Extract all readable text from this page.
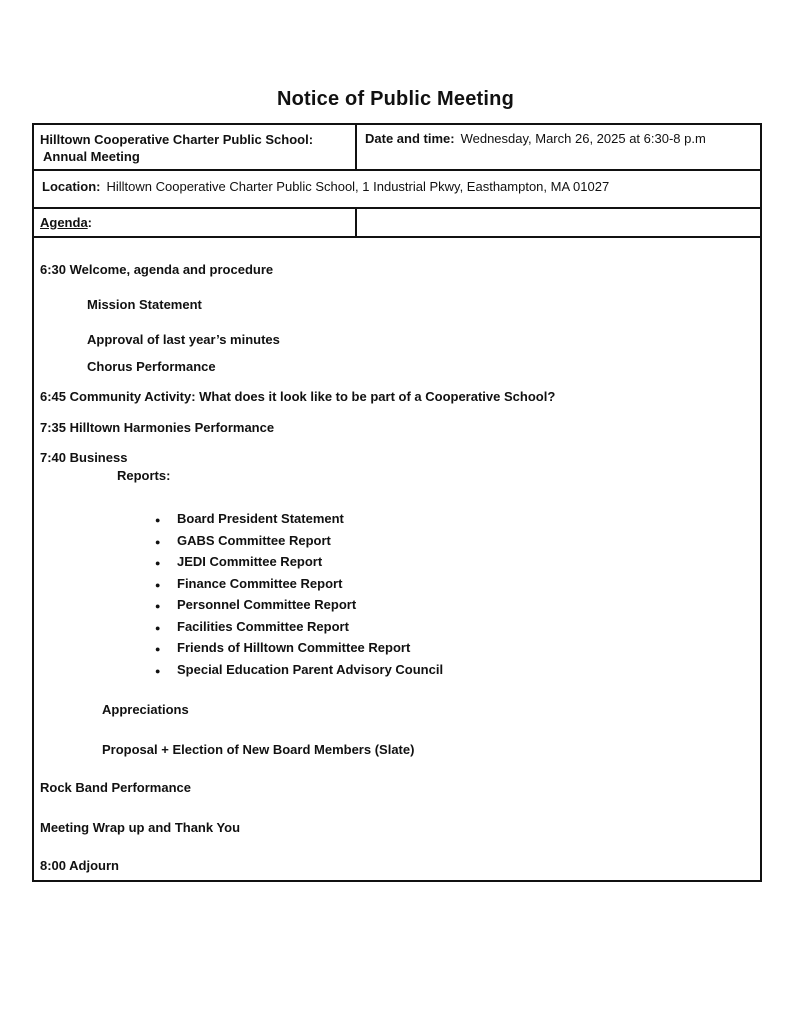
Notice of Public Meeting
Hilltown Cooperative Charter Public School:
Annual Meeting
Date and time: Wednesday, March 26, 2025 at 6:30-8 p.m
Location: Hilltown Cooperative Charter Public School, 1 Industrial Pkwy, Easthampton, MA 01027
Agenda:
6:30 Welcome, agenda and procedure
Mission Statement
Approval of last year’s minutes
Chorus Performance
6:45 Community Activity: What does it look like to be part of a Cooperative School?
7:35 Hilltown Harmonies Performance
7:40 Business
Reports:
●	Board President Statement
●	GABS Committee Report
●	JEDI Committee Report
●	Finance Committee Report
●	Personnel Committee Report
●	Facilities Committee Report
●	Friends of Hilltown Committee Report
●	Special Education Parent Advisory Council
Appreciations
Proposal + Election of New Board Members (Slate)
Rock Band Performance
Meeting Wrap up and Thank You
8:00 Adjourn
